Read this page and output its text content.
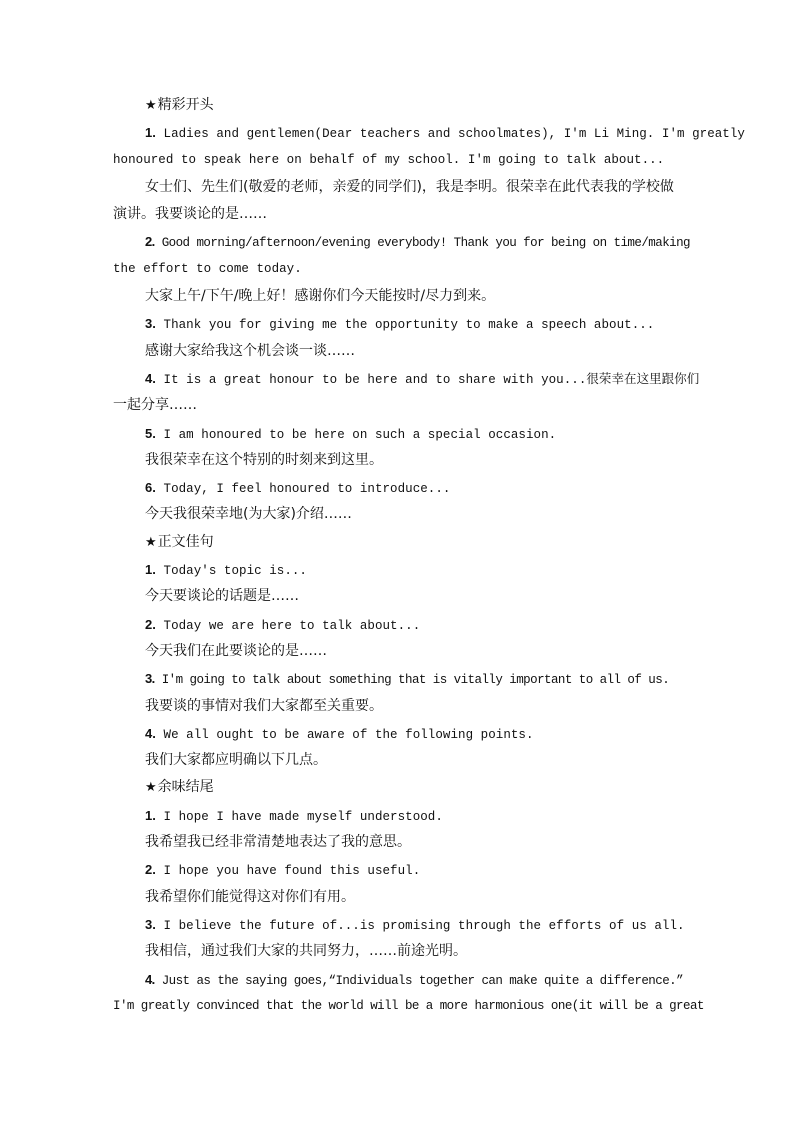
★精彩开头
1. Ladies and gentlemen(Dear teachers and schoolmates), I'm Li Ming. I'm greatly
honoured to speak here on behalf of my school. I'm going to talk about...
女士们、先生们(敬爱的老师，亲爱的同学们)，我是李明。很荣幸在此代表我的学校做
演讲。我要谈论的是……
2. Good morning/afternoon/evening everybody! Thank you for being on time/making
the effort to come today.
大家上午/下午/晚上好！感谢你们今天能按时/尽力到来。
3. Thank you for giving me the opportunity to make a speech about...
感谢大家给我这个机会谈一谈……
4. It is a great honour to be here and to share with you...很荣幸在这里跟你们
一起分享……
5. I am honoured to be here on such a special occasion.
我很荣幸在这个特别的时刻来到这里。
6. Today, I feel honoured to introduce...
今天我很荣幸地(为大家)介绍……
★正文佳句
1. Today's topic is...
今天要谈论的话题是……
2. Today we are here to talk about...
今天我们在此要谈论的是……
3. I'm going to talk about something that is vitally important to all of us.
我要谈的事情对我们大家都至关重要。
4. We all ought to be aware of the following points.
我们大家都应明确以下几点。
★余味结尾
1. I hope I have made myself understood.
我希望我已经非常清楚地表达了我的意思。
2. I hope you have found this useful.
我希望你们能觉得这对你们有用。
3. I believe the future of...is promising through the efforts of us all.
我相信，通过我们大家的共同努力，……前途光明。
4. Just as the saying goes,“Individuals together can make quite a difference.”
I'm greatly convinced that the world will be a more harmonious one(it will be a great
